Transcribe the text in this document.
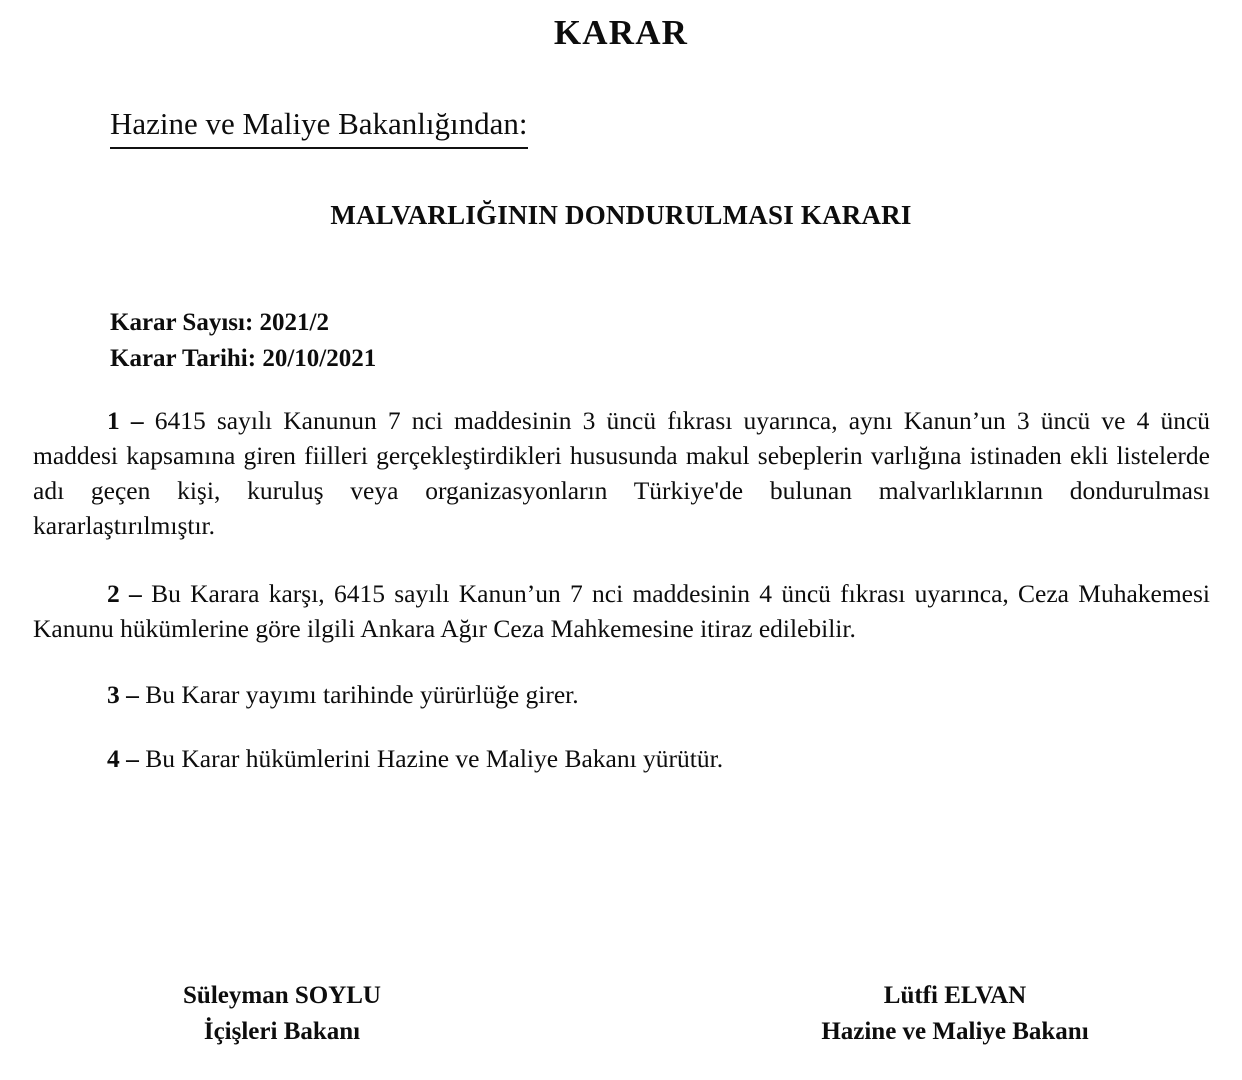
KARAR
Hazine ve Maliye Bakanlığından:
MALVARLIĞININ DONDURULMASI KARARI
Karar Sayısı: 2021/2
Karar Tarihi: 20/10/2021

1 – 6415 sayılı Kanunun 7 nci maddesinin 3 üncü fıkrası uyarınca, aynı Kanun’un 3 üncü ve 4 üncü maddesi kapsamına giren fiilleri gerçekleştirdikleri hususunda makul sebeplerin varlığına istinaden ekli listelerde adı geçen kişi, kuruluş veya organizasyonların Türkiye'de bulunan malvarlıklarının dondurulması kararlaştırılmıştır.

2 – Bu Karara karşı, 6415 sayılı Kanun’un 7 nci maddesinin 4 üncü fıkrası uyarınca, Ceza Muhakemesi Kanunu hükümlerine göre ilgili Ankara Ağır Ceza Mahkemesine itiraz edilebilir.

3 – Bu Karar yayımı tarihinde yürürlüğe girer.

4 – Bu Karar hükümlerini Hazine ve Maliye Bakanı yürütür.

Süleyman SOYLU
İçişleri Bakanı
Lütfi ELVAN
Hazine ve Maliye Bakanı
